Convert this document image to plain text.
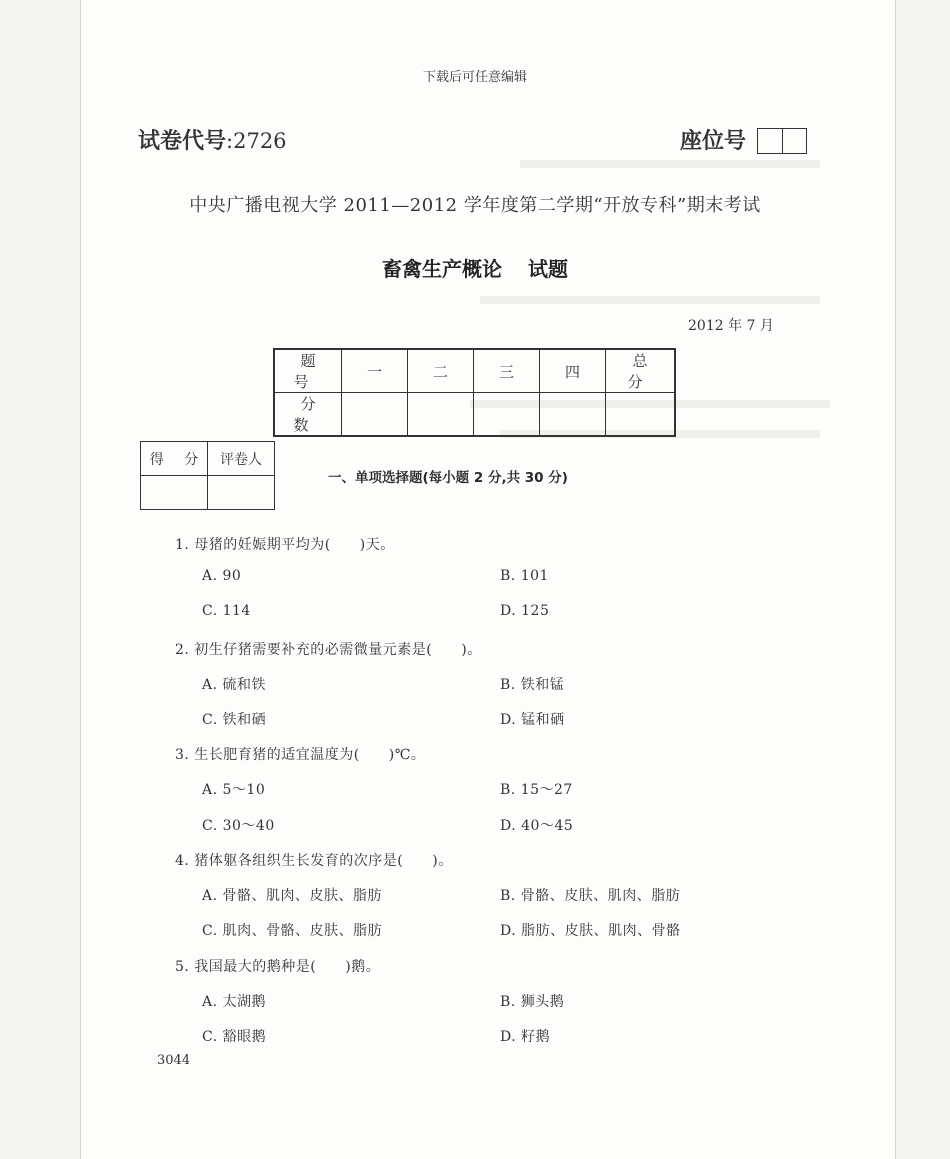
下载后可任意编辑
试卷代号:2726	座位号
中央广播电视大学 2011—2012 学年度第二学期“开放专科”期末考试
畜禽生产概论 试题
2012 年 7 月
题 号	一	二	三	四	总 分
分 数					
得 分	评卷人

一、单项选择题(每小题 2 分,共 30 分)
1. 母猪的妊娠期平均为(　　)天。
A. 90	B. 101
C. 114	D. 125
2. 初生仔猪需要补充的必需微量元素是(　　)。
A. 硫和铁	B. 铁和锰
C. 铁和硒	D. 锰和硒
3. 生长肥育猪的适宜温度为(　　)℃。
A. 5～10	B. 15～27
C. 30～40	D. 40～45
4. 猪体躯各组织生长发育的次序是(　　)。
A. 骨骼、肌肉、皮肤、脂肪	B. 骨骼、皮肤、肌肉、脂肪
C. 肌肉、骨骼、皮肤、脂肪	D. 脂肪、皮肤、肌肉、骨骼
5. 我国最大的鹅种是(　　)鹅。
A. 太湖鹅	B. 狮头鹅
C. 豁眼鹅	D. 籽鹅
3044
